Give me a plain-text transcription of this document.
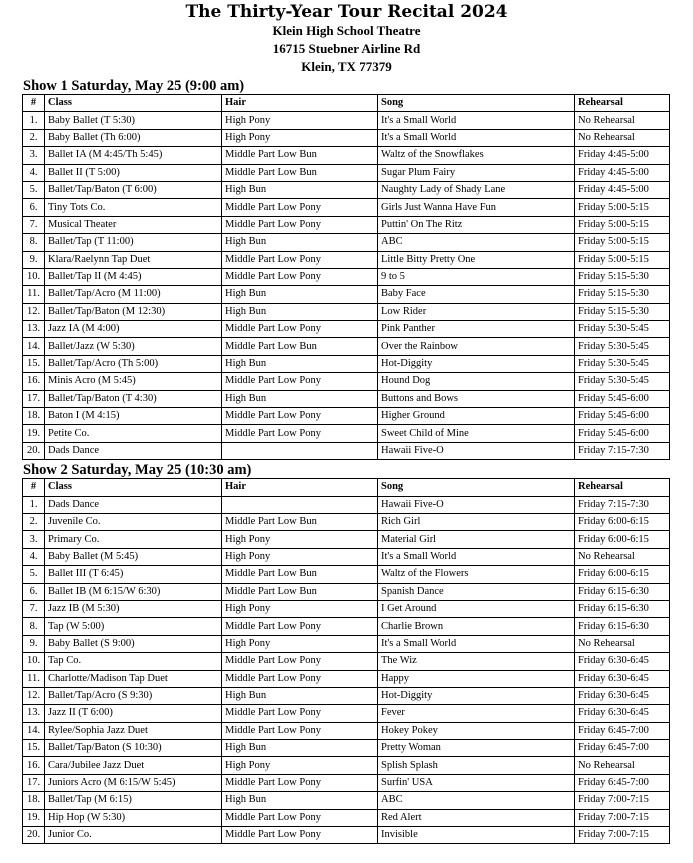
The Thirty-Year Tour Recital 2024
Klein High School Theatre
16715 Stuebner Airline Rd
Klein, TX 77379
Show 1 Saturday, May 25 (9:00 am)
#	Class	Hair	Song	Rehearsal
1.	Baby Ballet (T 5:30)	High Pony	It's a Small World	No Rehearsal
2.	Baby Ballet (Th 6:00)	High Pony	It's a Small World	No Rehearsal
3.	Ballet IA (M 4:45/Th 5:45)	Middle Part Low Bun	Waltz of the Snowflakes	Friday 4:45-5:00
4.	Ballet II (T 5:00)	Middle Part Low Bun	Sugar Plum Fairy	Friday 4:45-5:00
5.	Ballet/Tap/Baton (T 6:00)	High Bun	Naughty Lady of Shady Lane	Friday 4:45-5:00
6.	Tiny Tots Co.	Middle Part Low Pony	Girls Just Wanna Have Fun	Friday 5:00-5:15
7.	Musical Theater	Middle Part Low Pony	Puttin' On The Ritz	Friday 5:00-5:15
8.	Ballet/Tap (T 11:00)	High Bun	ABC	Friday 5:00-5:15
9.	Klara/Raelynn Tap Duet	Middle Part Low Pony	Little Bitty Pretty One	Friday 5:00-5:15
10.	Ballet/Tap II (M 4:45)	Middle Part Low Pony	9 to 5	Friday 5:15-5:30
11.	Ballet/Tap/Acro (M 11:00)	High Bun	Baby Face	Friday 5:15-5:30
12.	Ballet/Tap/Baton (M 12:30)	High Bun	Low Rider	Friday 5:15-5:30
13.	Jazz IA (M 4:00)	Middle Part Low Pony	Pink Panther	Friday 5:30-5:45
14.	Ballet/Jazz (W 5:30)	Middle Part Low Bun	Over the Rainbow	Friday 5:30-5:45
15.	Ballet/Tap/Acro (Th 5:00)	High Bun	Hot-Diggity	Friday 5:30-5:45
16.	Minis Acro (M 5:45)	Middle Part Low Pony	Hound Dog	Friday 5:30-5:45
17.	Ballet/Tap/Baton (T 4:30)	High Bun	Buttons and Bows	Friday 5:45-6:00
18.	Baton I (M 4:15)	Middle Part Low Pony	Higher Ground	Friday 5:45-6:00
19.	Petite Co.	Middle Part Low Pony	Sweet Child of Mine	Friday 5:45-6:00
20.	Dads Dance		Hawaii Five-O	Friday 7:15-7:30
Show 2 Saturday, May 25 (10:30 am)
#	Class	Hair	Song	Rehearsal
1.	Dads Dance		Hawaii Five-O	Friday 7:15-7:30
2.	Juvenile Co.	Middle Part Low Bun	Rich Girl	Friday 6:00-6:15
3.	Primary Co.	High Pony	Material Girl	Friday 6:00-6:15
4.	Baby Ballet (M 5:45)	High Pony	It's a Small World	No Rehearsal
5.	Ballet III (T 6:45)	Middle Part Low Bun	Waltz of the Flowers	Friday 6:00-6:15
6.	Ballet IB (M 6:15/W 6:30)	Middle Part Low Bun	Spanish Dance	Friday 6:15-6:30
7.	Jazz IB (M 5:30)	High Pony	I Get Around	Friday 6:15-6:30
8.	Tap (W 5:00)	Middle Part Low Pony	Charlie Brown	Friday 6:15-6:30
9.	Baby Ballet (S 9:00)	High Pony	It's a Small World	No Rehearsal
10.	Tap Co.	Middle Part Low Pony	The Wiz	Friday 6:30-6:45
11.	Charlotte/Madison Tap Duet	Middle Part Low Pony	Happy	Friday 6:30-6:45
12.	Ballet/Tap/Acro (S 9:30)	High Bun	Hot-Diggity	Friday 6:30-6:45
13.	Jazz II (T 6:00)	Middle Part Low Pony	Fever	Friday 6:30-6:45
14.	Rylee/Sophia Jazz Duet	Middle Part Low Pony	Hokey Pokey	Friday 6:45-7:00
15.	Ballet/Tap/Baton (S 10:30)	High Bun	Pretty Woman	Friday 6:45-7:00
16.	Cara/Jubilee Jazz Duet	High Pony	Splish Splash	No Rehearsal
17.	Juniors Acro (M 6:15/W 5:45)	Middle Part Low Pony	Surfin' USA	Friday 6:45-7:00
18.	Ballet/Tap (M 6:15)	High Bun	ABC	Friday 7:00-7:15
19.	Hip Hop (W 5:30)	Middle Part Low Pony	Red Alert	Friday 7:00-7:15
20.	Junior Co.	Middle Part Low Pony	Invisible	Friday 7:00-7:15
